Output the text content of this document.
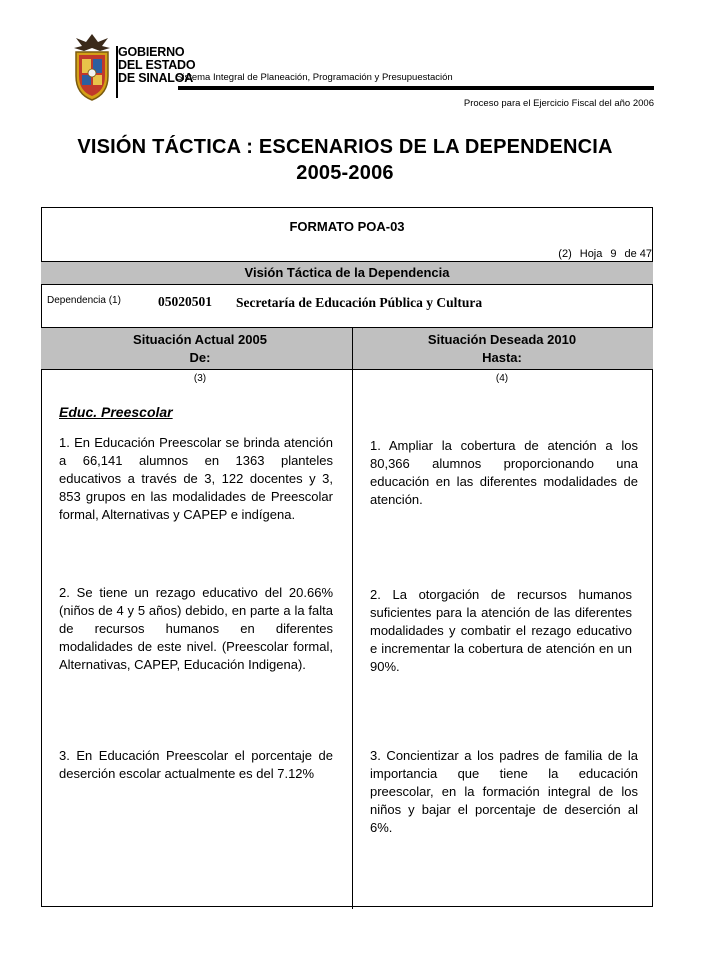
GOBIERNO
DEL ESTADO
DE SINALOA
Sistema Integral de Planeación, Programación y Presupuestación
Proceso para el Ejercicio Fiscal del año 2006
VISIÓN TÁCTICA : ESCENARIOS DE LA DEPENDENCIA
2005-2006
FORMATO POA-03
(2) Hoja 9 de 47
Visión Táctica de la Dependencia
Dependencia (1)	05020501 Secretaría de Educación Pública y Cultura
Situación Actual 2005
De:
Situación Deseada 2010
Hasta:
(3)	(4)
Educ. Preescolar
1. En Educación Preescolar se brinda atención a 66,141 alumnos en 1363 planteles educativos a través de 3, 122 docentes y 3, 853 grupos en las modalidades de Preescolar formal, Alternativas y CAPEP e indígena.
2. Se tiene un rezago educativo del 20.66% (niños de 4 y 5 años) debido, en parte a la falta de recursos humanos en diferentes modalidades de este nivel. (Preescolar formal, Alternativas, CAPEP, Educación Indigena).
3. En Educación Preescolar el porcentaje de deserción escolar actualmente es del 7.12%
1. Ampliar la cobertura de atención a los 80,366 alumnos proporcionando una educación en las diferentes modalidades de atención.
2. La otorgación de recursos humanos suficientes para la atención de las diferentes modalidades y combatir el rezago educativo e incrementar la cobertura de atención en un 90%.
3. Concientizar a los padres de familia de la importancia que tiene la educación preescolar, en la formación integral de los niños y bajar el porcentaje de deserción al 6%.
